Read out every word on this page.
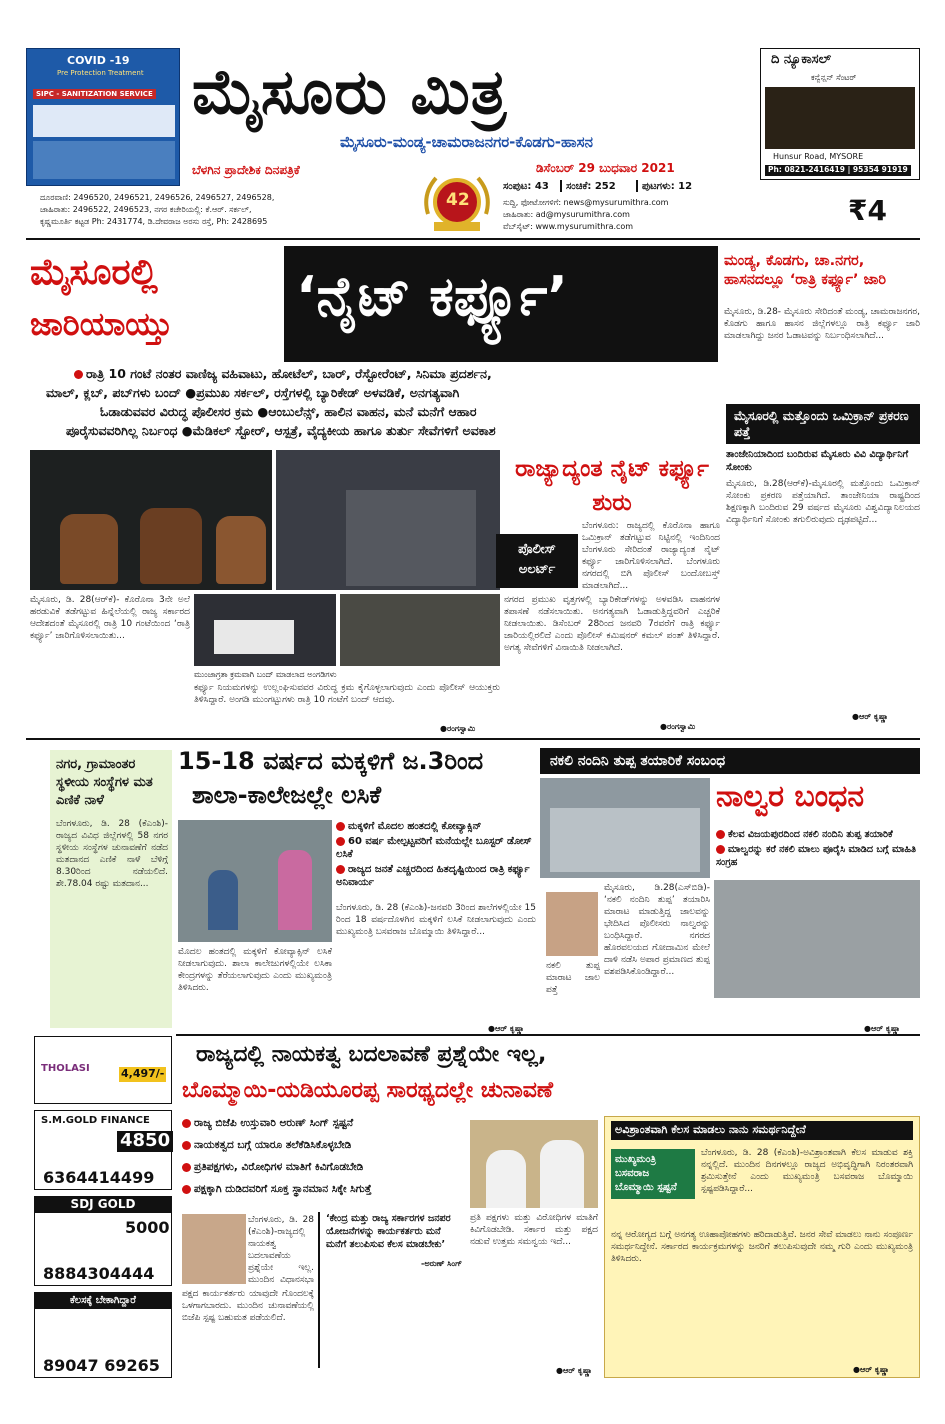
COVID -19
Pre Protection Treatment
SIPC - SANITIZATION SERVICE ಮೈಸೂರು ಮಿತ್ರ
ಮೈಸೂರು-ಮಂಡ್ಯ-ಚಾಮರಾಜನಗರ-ಕೊಡಗು-ಹಾಸನ
ಬೆಳಗಿನ ಪ್ರಾದೇಶಿಕ ದಿನಪತ್ರಿಕೆ	ಡಿಸೆಂಬರ್ 29 ಬುಧವಾರ 2021
42
ಸಂಪುಟ: 43 ಸಂಚಿಕೆ: 252	ಪುಟಗಳು: 12
ಸುದ್ದಿ, ಫೋಟೋಗಳಿಗೆ: news@mysurumithra.com
ಜಾಹಿರಾತು: ad@mysurumithra.com
ವೆಬ್‌ಸೈಟ್: www.mysurumithra.com	₹4
ದೂರವಾಣಿ: 2496520, 2496521, 2496526, 2496527, 2496528,
ಜಾಹಿರಾತು: 2496522, 2496523, ನಗರ ಕಚೇರಿಯಲ್ಲಿ: ಕೆ.ಆರ್. ಸರ್ಕಲ್,
ಕೃಷ್ಣಮೂರ್ತಿ ಕಟ್ಟಡ Ph: 2431774, ಡಿ.ದೇವರಾಜ ಅರಸು ರಸ್ತೆ, Ph: 2428695
ದಿ ನ್ಯೂಕಾಸಲ್
ಕನ್ವೆನ್ಷನ್ ಸೆಂಟರ್
Hunsur Road, MYSORE
Ph: 0821-2416419 | 95354 91919
ಮೈಸೂರಲ್ಲಿ
ಜಾರಿಯಾಯ್ತು ‘ನೈಟ್ ಕರ್ಫ್ಯೂ’
ರಾತ್ರಿ 10 ಗಂಟೆ ನಂತರ ವಾಣಿಜ್ಯ ವಹಿವಾಟು, ಹೋಟೆಲ್, ಬಾರ್, ರೆಸ್ಟೋರೆಂಟ್, ಸಿನಿಮಾ ಪ್ರದರ್ಶನ,
ಮಾಲ್, ಕ್ಲಬ್, ಪಬ್‌ಗಳು ಬಂದ್ ●ಪ್ರಮುಖ ಸರ್ಕಲ್, ರಸ್ತೆಗಳಲ್ಲಿ ಬ್ಯಾರಿಕೇಡ್ ಅಳವಡಿಕೆ, ಅನಗತ್ಯವಾಗಿ
ಓಡಾಡುವವರ ವಿರುದ್ಧ ಪೊಲೀಸರ ಕ್ರಮ ●ಆಂಬುಲೆನ್ಸ್, ಹಾಲಿನ ವಾಹನ, ಮನೆ ಮನೆಗೆ ಆಹಾರ
ಪೂರೈಸುವವರಿಗಿಲ್ಲ ನಿರ್ಬಂಧ ●ಮೆಡಿಕಲ್ ಸ್ಟೋರ್, ಆಸ್ಪತ್ರೆ, ವೈದ್ಯಕೀಯ ಹಾಗೂ ತುರ್ತು ಸೇವೆಗಳಿಗೆ ಅವಕಾಶ
ಮಂಡ್ಯ, ಕೊಡಗು, ಚಾ.ನಗರ, ಹಾಸನದಲ್ಲೂ ‘ರಾತ್ರಿ ಕರ್ಫ್ಯೂ’ ಜಾರಿ
ಮೈಸೂರು, ಡಿ.28- ಮೈಸೂರು ಸೇರಿದಂತೆ ಮಂಡ್ಯ, ಚಾಮರಾಜನಗರ, ಕೊಡಗು ಹಾಗೂ ಹಾಸನ ಜಿಲ್ಲೆಗಳಲ್ಲೂ ರಾತ್ರಿ ಕರ್ಫ್ಯೂ ಜಾರಿ ಮಾಡಲಾಗಿದ್ದು ಜನರ ಓಡಾಟವನ್ನು ನಿರ್ಬಂಧಿಸಲಾಗಿದೆ...
ಮೈಸೂರಲ್ಲಿ ಮತ್ತೊಂದು ಒಮಿಕ್ರಾನ್ ಪ್ರಕರಣ ಪತ್ತೆ
ತಾಂಜೇನಿಯಾದಿಂದ ಬಂದಿರುವ ಮೈಸೂರು ವಿವಿ ವಿದ್ಯಾರ್ಥಿನಿಗೆ ಸೋಂಕು
ಮೈಸೂರು, ಡಿ.28(ಆರ್‌ಕೆ)-ಮೈಸೂರಲ್ಲಿ ಮತ್ತೊಂದು ಒಮಿಕ್ರಾನ್ ಸೋಂಕು ಪ್ರಕರಣ ಪತ್ತೆಯಾಗಿದೆ. ತಾಂಜೇನಿಯಾ ರಾಷ್ಟ್ರದಿಂದ ಶಿಕ್ಷಣಕ್ಕಾಗಿ ಬಂದಿರುವ 29 ವರ್ಷದ ಮೈಸೂರು ವಿಶ್ವವಿದ್ಯಾನಿಲಯದ ವಿದ್ಯಾರ್ಥಿನಿಗೆ ಸೋಂಕು ತಗುಲಿರುವುದು ದೃಢಪಟ್ಟಿದೆ...
●ಆರ್ ಕೃಷ್ಣಾ
ಮೈಸೂರು, ಡಿ. 28(ಆರ್‌ಕೆ)- ಕೊರೊನಾ 3ನೇ ಅಲೆ ಹರಡುವಿಕೆ ತಡೆಗಟ್ಟುವ ಹಿನ್ನೆಲೆಯಲ್ಲಿ ರಾಜ್ಯ ಸರ್ಕಾರದ ಆದೇಶದಂತೆ ಮೈಸೂರಲ್ಲಿ ರಾತ್ರಿ 10 ಗಂಟೆಯಿಂದ ‘ರಾತ್ರಿ ಕರ್ಫ್ಯೂ’ ಜಾರಿಗೊಳಿಸಲಾಯಿತು...
ಮುಂಜಾಗ್ರತಾ ಕ್ರಮವಾಗಿ ಬಂದ್ ಮಾಡಲಾದ ಅಂಗಡಿಗಳು
ಕರ್ಫ್ಯೂ ನಿಯಮಗಳನ್ನು ಉಲ್ಲಂಘಿಸುವವರ ವಿರುದ್ಧ ಕ್ರಮ ಕೈಗೊಳ್ಳಲಾಗುವುದು ಎಂದು ಪೊಲೀಸ್ ಆಯುಕ್ತರು ತಿಳಿಸಿದ್ದಾರೆ. ಅಂಗಡಿ ಮುಂಗಟ್ಟುಗಳು ರಾತ್ರಿ 10 ಗಂಟೆಗೆ ಬಂದ್ ಆದವು.
●ರಂಗಸ್ವಾಮಿ
ರಾಜ್ಯಾದ್ಯಂತ ನೈಟ್ ಕರ್ಫ್ಯೂ ಶುರು
ಪೊಲೀಸ್ ಅಲರ್ಟ್
ಬೆಂಗಳೂರು: ರಾಜ್ಯದಲ್ಲಿ ಕೊರೊನಾ ಹಾಗೂ ಒಮಿಕ್ರಾನ್ ತಡೆಗಟ್ಟುವ ನಿಟ್ಟಿನಲ್ಲಿ ಇಂದಿನಿಂದ ಬೆಂಗಳೂರು ಸೇರಿದಂತೆ ರಾಜ್ಯಾದ್ಯಂತ ನೈಟ್ ಕರ್ಫ್ಯೂ ಜಾರಿಗೊಳಿಸಲಾಗಿದೆ. ಬೆಂಗಳೂರು ನಗರದಲ್ಲಿ ಬಿಗಿ ಪೊಲೀಸ್ ಬಂದೋಬಸ್ತ್ ಮಾಡಲಾಗಿದೆ...
ನಗರದ ಪ್ರಮುಖ ವೃತ್ತಗಳಲ್ಲಿ ಬ್ಯಾರಿಕೇಡ್‌ಗಳನ್ನು ಅಳವಡಿಸಿ ವಾಹನಗಳ ತಪಾಸಣೆ ನಡೆಸಲಾಯಿತು. ಅನಗತ್ಯವಾಗಿ ಓಡಾಡುತ್ತಿದ್ದವರಿಗೆ ಎಚ್ಚರಿಕೆ ನೀಡಲಾಯಿತು. ಡಿಸೆಂಬರ್ 28ರಿಂದ ಜನವರಿ 7ರವರೆಗೆ ರಾತ್ರಿ ಕರ್ಫ್ಯೂ ಜಾರಿಯಲ್ಲಿರಲಿದೆ ಎಂದು ಪೊಲೀಸ್ ಕಮಿಷನರ್ ಕಮಲ್ ಪಂತ್ ತಿಳಿಸಿದ್ದಾರೆ. ಅಗತ್ಯ ಸೇವೆಗಳಿಗೆ ವಿನಾಯಿತಿ ನೀಡಲಾಗಿದೆ.
●ರಂಗಸ್ವಾಮಿ
ನಗರ, ಗ್ರಾಮಾಂತರ ಸ್ಥಳೀಯ ಸಂಸ್ಥೆಗಳ ಮತ ಎಣಿಕೆ ನಾಳೆ
ಬೆಂಗಳೂರು, ಡಿ. 28 (ಕೆಎಂಶಿ)-ರಾಜ್ಯದ ವಿವಿಧ ಜಿಲ್ಲೆಗಳಲ್ಲಿ 58 ನಗರ ಸ್ಥಳೀಯ ಸಂಸ್ಥೆಗಳ ಚುನಾವಣೆಗೆ ನಡೆದ ಮತದಾನದ ಎಣಿಕೆ ನಾಳೆ ಬೆಳಿಗ್ಗೆ 8.30ರಿಂದ ನಡೆಯಲಿದೆ. ಶೇ.78.04 ರಷ್ಟು ಮತದಾನ...
15-18 ವರ್ಷದ ಮಕ್ಕಳಿಗೆ ಜ.3ರಿಂದ
ಶಾಲಾ-ಕಾಲೇಜಲ್ಲೇ ಲಸಿಕೆ
ಮಕ್ಕಳಿಗೆ ಮೊದಲ ಹಂತದಲ್ಲಿ ಕೋವ್ಯಾಕ್ಸಿನ್
60 ವರ್ಷ ಮೇಲ್ಪಟ್ಟವರಿಗೆ ಮನೆಯಲ್ಲೇ ಬೂಸ್ಟರ್ ಡೋಸ್ ಲಸಿಕೆ
ರಾಜ್ಯದ ಜನತೆ ಎಚ್ಚರದಿಂದ ಹಿತದೃಷ್ಟಿಯಿಂದ ರಾತ್ರಿ ಕರ್ಫ್ಯೂ ಅನಿವಾರ್ಯ
ಬೆಂಗಳೂರು, ಡಿ. 28 (ಕೆಎಂಶಿ)-ಜನವರಿ 3ರಿಂದ ಶಾಲೆಗಳಲ್ಲಿಯೇ 15 ರಿಂದ 18 ವರ್ಷದೊಳಗಿನ ಮಕ್ಕಳಿಗೆ ಲಸಿಕೆ ನೀಡಲಾಗುವುದು ಎಂದು ಮುಖ್ಯಮಂತ್ರಿ ಬಸವರಾಜ ಬೊಮ್ಮಾಯಿ ತಿಳಿಸಿದ್ದಾರೆ...
ಮೊದಲ ಹಂತದಲ್ಲಿ ಮಕ್ಕಳಿಗೆ ಕೋವ್ಯಾಕ್ಸಿನ್ ಲಸಿಕೆ ನೀಡಲಾಗುವುದು. ಶಾಲಾ ಕಾಲೇಜುಗಳಲ್ಲಿಯೇ ಲಸಿಕಾ ಕೇಂದ್ರಗಳನ್ನು ತೆರೆಯಲಾಗುವುದು ಎಂದು ಮುಖ್ಯಮಂತ್ರಿ ತಿಳಿಸಿದರು.
●ಆರ್ ಕೃಷ್ಣಾ
ನಕಲಿ ನಂದಿನಿ ತುಪ್ಪ ತಯಾರಿಕೆ ಸಂಬಂಧ
ನಾಲ್ವರ ಬಂಧನ
ಕೆಲವ ವಿಜಯಪುರದಿಂದ ನಕಲಿ ನಂದಿನಿ ತುಪ್ಪ ತಯಾರಿಕೆ
ಮಾಲ್ವರನ್ನು ಕರೆ ನಕಲಿ ಮಾಲು ಪೂರೈಸಿ ಮಾಡಿದ ಬಗ್ಗೆ ಮಾಹಿತಿ ಸಂಗ್ರಹ
ಮೈಸೂರು, ಡಿ.28(ಎಸ್‌ಬಿಡಿ)- ‘ನಕಲಿ ನಂದಿನಿ ತುಪ್ಪ’ ತಯಾರಿಸಿ ಮಾರಾಟ ಮಾಡುತ್ತಿದ್ದ ಜಾಲವನ್ನು ಭೇದಿಸಿದ ಪೊಲೀಸರು ನಾಲ್ವರನ್ನು ಬಂಧಿಸಿದ್ದಾರೆ. ನಗರದ ಹೊರವಲಯದ ಗೋದಾಮಿನ ಮೇಲೆ ದಾಳಿ ನಡೆಸಿ ಅಪಾರ ಪ್ರಮಾಣದ ತುಪ್ಪ ವಶಪಡಿಸಿಕೊಂಡಿದ್ದಾರೆ...
ನಕಲಿ ತುಪ್ಪ ಮಾರಾಟ ಜಾಲ ಪತ್ತೆ
●ಆರ್ ಕೃಷ್ಣಾ
THOLASI	4,497/-
S.M.GOLD FINANCE
4850
6364414499
SDJ GOLD
5000
8884304444
ಕೆಲಸಕ್ಕೆ ಬೇಕಾಗಿದ್ದಾರೆ
89047 69265
ರಾಜ್ಯದಲ್ಲಿ ನಾಯಕತ್ವ ಬದಲಾವಣೆ ಪ್ರಶ್ನೆಯೇ ಇಲ್ಲ,
ಬೊಮ್ಮಾಯಿ-ಯಡಿಯೂರಪ್ಪ ಸಾರಥ್ಯದಲ್ಲೇ ಚುನಾವಣೆ
ರಾಜ್ಯ ಬಿಜೆಪಿ ಉಸ್ತುವಾರಿ ಅರುಣ್ ಸಿಂಗ್ ಸ್ಪಷ್ಟನೆ
ನಾಯಕತ್ವದ ಬಗ್ಗೆ ಯಾರೂ ತಲೆಕೆಡಿಸಿಕೊಳ್ಳಬೇಡಿ
ಪ್ರತಿಪಕ್ಷಗಳು, ವಿರೋಧಿಗಳ ಮಾತಿಗೆ ಕಿವಿಗೊಡಬೇಡಿ
ಪಕ್ಷಕ್ಕಾಗಿ ದುಡಿದವರಿಗೆ ಸೂಕ್ತ ಸ್ಥಾನಮಾನ ಸಿಕ್ಕೇ ಸಿಗುತ್ತೆ
ಬೆಂಗಳೂರು, ಡಿ. 28 (ಕೆಎಂಶಿ)-ರಾಜ್ಯದಲ್ಲಿ ನಾಯಕತ್ವ ಬದಲಾವಣೆಯ ಪ್ರಶ್ನೆಯೇ ಇಲ್ಲ. ಮುಂದಿನ ವಿಧಾನಸಭಾ
ಪಕ್ಷದ ಕಾರ್ಯಕರ್ತರು ಯಾವುದೇ ಗೊಂದಲಕ್ಕೆ ಒಳಗಾಗಬಾರದು. ಮುಂದಿನ ಚುನಾವಣೆಯಲ್ಲಿ ಬಿಜೆಪಿ ಸ್ಪಷ್ಟ ಬಹುಮತ ಪಡೆಯಲಿದೆ.
‘ಕೇಂದ್ರ ಮತ್ತು ರಾಜ್ಯ ಸರ್ಕಾರಗಳ ಜನಪರ ಯೋಜನೆಗಳನ್ನು ಕಾರ್ಯಕರ್ತರು ಮನೆ ಮನೆಗೆ ತಲುಪಿಸುವ ಕೆಲಸ ಮಾಡಬೇಕು’
-ಅರುಣ್ ಸಿಂಗ್
ಪ್ರತಿ ಪಕ್ಷಗಳು ಮತ್ತು ವಿರೋಧಿಗಳ ಮಾತಿಗೆ ಕಿವಿಗೊಡಬೇಡಿ. ಸರ್ಕಾರ ಮತ್ತು ಪಕ್ಷದ ನಡುವೆ ಉತ್ತಮ ಸಮನ್ವಯ ಇದೆ...
●ಆರ್ ಕೃಷ್ಣಾ
ಅವಿಶ್ರಾಂತವಾಗಿ ಕೆಲಸ ಮಾಡಲು ನಾನು ಸಮರ್ಥನಿದ್ದೇನೆ
ಮುಖ್ಯಮಂತ್ರಿ ಬಸವರಾಜ ಬೊಮ್ಮಾಯಿ ಸ್ಪಷ್ಟನೆ
ಬೆಂಗಳೂರು, ಡಿ. 28 (ಕೆಎಂಶಿ)-ಅವಿಶ್ರಾಂತವಾಗಿ ಕೆಲಸ ಮಾಡುವ ಶಕ್ತಿ ನನ್ನಲ್ಲಿದೆ. ಮುಂದಿನ ದಿನಗಳಲ್ಲೂ ರಾಜ್ಯದ ಅಭಿವೃದ್ಧಿಗಾಗಿ ನಿರಂತರವಾಗಿ ಶ್ರಮಿಸುತ್ತೇನೆ ಎಂದು ಮುಖ್ಯಮಂತ್ರಿ ಬಸವರಾಜ ಬೊಮ್ಮಾಯಿ ಸ್ಪಷ್ಟಪಡಿಸಿದ್ದಾರೆ...
ನನ್ನ ಆರೋಗ್ಯದ ಬಗ್ಗೆ ಅನಗತ್ಯ ಊಹಾಪೋಹಗಳು ಹರಿದಾಡುತ್ತಿವೆ. ಜನರ ಸೇವೆ ಮಾಡಲು ನಾನು ಸಂಪೂರ್ಣ ಸಮರ್ಥನಿದ್ದೇನೆ. ಸರ್ಕಾರದ ಕಾರ್ಯಕ್ರಮಗಳನ್ನು ಜನರಿಗೆ ತಲುಪಿಸುವುದೇ ನಮ್ಮ ಗುರಿ ಎಂದು ಮುಖ್ಯಮಂತ್ರಿ ತಿಳಿಸಿದರು.
●ಆರ್ ಕೃಷ್ಣಾ
